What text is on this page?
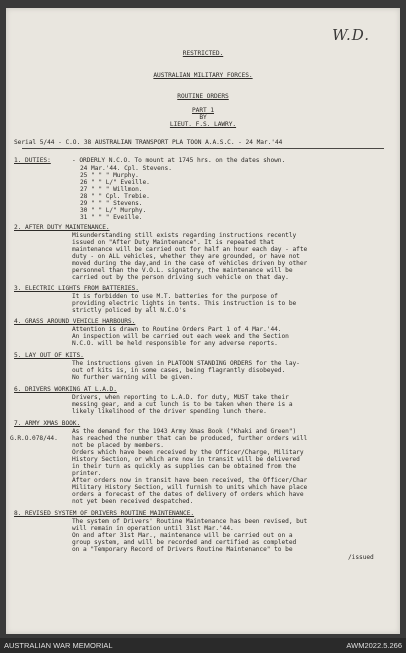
W.D.
RESTRICTED.
AUSTRALIAN MILITARY FORCES.
ROUTINE ORDERS
PART 1
BY
LIEUT. F.S. LAWRY.
Serial 5/44 - C.O. 38 AUSTRALIAN TRANSPORT PLA TOON A.A.S.C. - 24 Mar.'44
1. DUTIES:	- ORDERLY N.C.O. To mount at 1745 hrs. on the dates shown.
24 Mar.'44. Cpl. Stevens.
25 " " " Murphy.
26 " " L/" Eveille.
27 " " " Willmon.
28 " " Cpl. Trebie.
29 " " " Stevens.
30 " " L/" Murphy.
31 " " " Eveille.
2. AFTER DUTY MAINTENANCE.
Misunderstanding still exists regarding instructions recently
issued on "After Duty Maintenance". It is repeated that
maintenance will be carried out for half an hour each day - afte
duty - on ALL vehicles, whether they are grounded, or have not
moved during the day,and in the case of vehicles driven by other
personnel than the V.O.L. signatory, the maintenance will be
carried out by the person driving such vehicle on that day.
3. ELECTRIC LIGHTS FROM BATTERIES.
It is forbidden to use M.T. batteries for the purpose of
providing electric lights in tents. This instruction is to be
strictly policed by all N.C.O's
4. GRASS AROUND VEHICLE HARBOURS.
Attention is drawn to Routine Orders Part 1 of 4 Mar.'44.
An inspection will be carried out each week and the Section
N.C.O. will be held responsible for any adverse reports.
5. LAY OUT OF KITS.
The instructions given in PLATOON STANDING ORDERS for the lay-
out of kits is, in some cases, being flagrantly disobeyed.
No further warning will be given.
6. DRIVERS WORKING AT L.A.D.
Drivers, when reporting to L.A.D. for duty, MUST take their
messing gear, and a cut lunch is to be taken when there is a
likely likelihood of the driver spending lunch there.
7. ARMY XMAS BOOK.
G.R.O.078/44.
As the demand for the 1943 Army Xmas Book ("Khaki and Green")
has reached the number that can be produced, further orders will
not be placed by members.
Orders which have been received by the Officer/Charge, Military
History Section, or which are now in transit will be delivered
in their turn as quickly as supplies can be obtained from the
printer.
After orders now in transit have been received, the Officer/Char
Military History Section, will furnish to units which have place
orders a forecast of the dates of delivery of orders which have
not yet been received despatched.
8. REVISED SYSTEM OF DRIVERS ROUTINE MAINTENANCE.
The system of Drivers' Routine Maintenance has been revised, but
will remain in operation until 31st Mar.'44.
On and after 31st Mar., maintenance will be carried out on a
group system, and will be recorded and certified as completed
on a "Temporary Record of Drivers Routine Maintenance" to be
/issued
AUSTRALIAN WAR MEMORIAL	AWM2022.5.266
